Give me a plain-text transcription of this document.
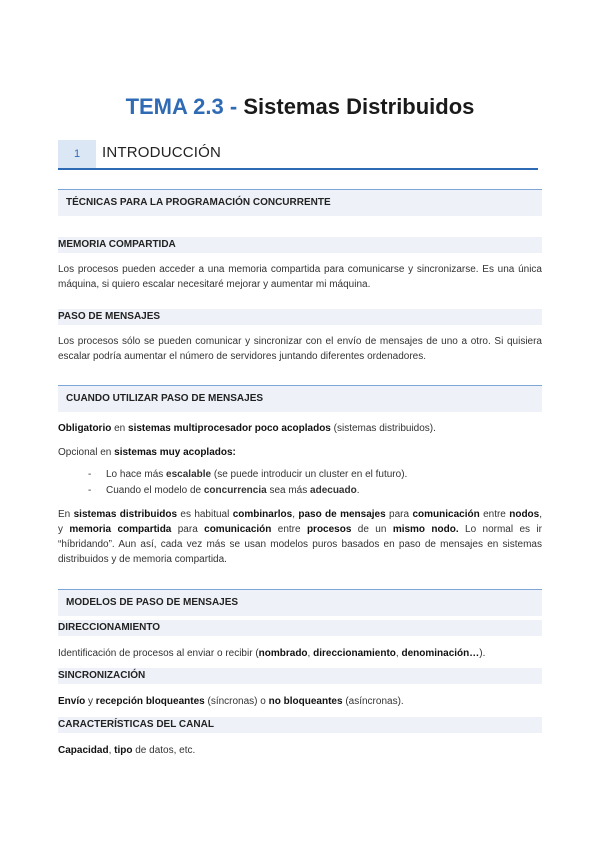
TEMA 2.3 - Sistemas Distribuidos
1	INTRODUCCIÓN
TÉCNICAS PARA LA PROGRAMACIÓN CONCURRENTE
MEMORIA COMPARTIDA

Los procesos pueden acceder a una memoria compartida para comunicarse y sincronizarse. Es una única máquina, si quiero escalar necesitaré mejorar y aumentar mi máquina.

PASO DE MENSAJES

Los procesos sólo se pueden comunicar y sincronizar con el envío de mensajes de uno a otro. Si quisiera escalar podría aumentar el número de servidores juntando diferentes ordenadores.

CUANDO UTILIZAR PASO DE MENSAJES

Obligatorio en sistemas multiprocesador poco acoplados (sistemas distribuidos).

Opcional en sistemas muy acoplados:

- Lo hace más escalable (se puede introducir un cluster en el futuro).
- Cuando el modelo de concurrencia sea más adecuado.

En sistemas distribuidos es habitual combinarlos, paso de mensajes para comunicación entre nodos, y memoria compartida para comunicación entre procesos de un mismo nodo. Lo normal es ir “híbridando”. Aun así, cada vez más se usan modelos puros basados en paso de mensajes en sistemas distribuidos y de memoria compartida.

MODELOS DE PASO DE MENSAJES
DIRECCIONAMIENTO

Identificación de procesos al enviar o recibir (nombrado, direccionamiento, denominación…).

SINCRONIZACIÓN

Envío y recepción bloqueantes (síncronas) o no bloqueantes (asíncronas).

CARACTERÍSTICAS DEL CANAL

Capacidad, tipo de datos, etc.
